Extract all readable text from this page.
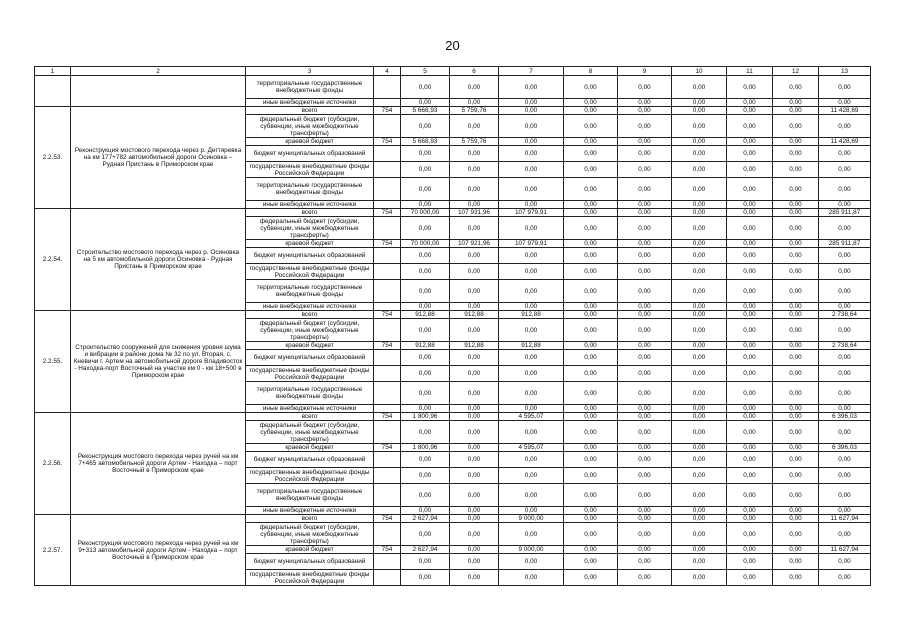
20
1	2	3	4	5	6	7	8	9	10	11	12	13
		территориальные государственные внебюджетные фонды		0,00	0,00	0,00	0,00	0,00	0,00	0,00	0,00	0,00
		иные внебюджетные источники		0,00	0,00	0,00	0,00	0,00	0,00	0,00	0,00	0,00
2.2.53.	Реконструкция мостового перехода через р. Дегтяревка на км 177+782 автомобильной дороги Осиновка – Рудная Пристань в Приморском крае	всего	754	5 668,93	5 759,76	0,00	0,00	0,00	0,00	0,00	0,00	11 428,69
		федеральный бюджет (субсидии, субвенции, иные межбюджетные трансферты)		0,00	0,00	0,00	0,00	0,00	0,00	0,00	0,00	0,00
		краевой бюджет	754	5 668,93	5 759,76	0,00	0,00	0,00	0,00	0,00	0,00	11 428,69
		бюджет муниципальных образований		0,00	0,00	0,00	0,00	0,00	0,00	0,00	0,00	0,00
		государственные внебюджетные фонды Российской Федерации		0,00	0,00	0,00	0,00	0,00	0,00	0,00	0,00	0,00
		территориальные государственные внебюджетные фонды		0,00	0,00	0,00	0,00	0,00	0,00	0,00	0,00	0,00
		иные внебюджетные источники		0,00	0,00	0,00	0,00	0,00	0,00	0,00	0,00	0,00
2.2.54.	Строительство мостового перехода через р. Осиновка на 5 км автомобильной дороги Осиновка - Рудная Пристань в Приморском крае	всего	754	70 000,00	107 931,96	107 979,91	0,00	0,00	0,00	0,00	0,00	285 911,87
		федеральный бюджет (субсидии, субвенции, иные межбюджетные трансферты)		0,00	0,00	0,00	0,00	0,00	0,00	0,00	0,00	0,00
		краевой бюджет	754	70 000,00	107 921,96	107 979,91	0,00	0,00	0,00	0,00	0,00	285 911,87
		бюджет муниципальных образований		0,00	0,00	0,00	0,00	0,00	0,00	0,00	0,00	0,00
		государственные внебюджетные фонды Российской Федерации		0,00	0,00	0,00	0,00	0,00	0,00	0,00	0,00	0,00
		территориальные государственные внебюджетные фонды		0,00	0,00	0,00	0,00	0,00	0,00	0,00	0,00	0,00
		иные внебюджетные источники		0,00	0,00	0,00	0,00	0,00	0,00	0,00	0,00	0,00
2.2.55.	Строительство сооружений для снижения уровня шума и вибрации в районе дома № 32 по ул. Вторая, с. Кневичи г. Артем на автомобильной дороге Владивосток - Находка-порт Восточный на участке км 0 - км 18+500 в Приморском крае	всего	754	912,88	912,88	912,88	0,00	0,00	0,00	0,00	0,00	2 738,64
		федеральный бюджет (субсидии, субвенции, иные межбюджетные трансферты)		0,00	0,00	0,00	0,00	0,00	0,00	0,00	0,00	0,00
		краевой бюджет	754	912,88	912,88	912,88	0,00	0,00	0,00	0,00	0,00	2 738,64
		бюджет муниципальных образований		0,00	0,00	0,00	0,00	0,00	0,00	0,00	0,00	0,00
		государственные внебюджетные фонды Российской Федерации		0,00	0,00	0,00	0,00	0,00	0,00	0,00	0,00	0,00
		территориальные государственные внебюджетные фонды		0,00	0,00	0,00	0,00	0,00	0,00	0,00	0,00	0,00
		иные внебюджетные источники		0,00	0,00	0,00	0,00	0,00	0,00	0,00	0,00	0,00
2.2.56.	Реконструкция мостового перехода через ручей на км 7+465 автомобильной дороги Артем - Находка – порт Восточный в Приморском крае	всего	754	1 800,96	0,00	4 595,07	0,00	0,00	0,00	0,00	0,00	6 396,03
		федеральный бюджет (субсидии, субвенции, иные межбюджетные трансферты)		0,00	0,00	0,00	0,00	0,00	0,00	0,00	0,00	0,00
		краевой бюджет	754	1 800,96	0,00	4 595,07	0,00	0,00	0,00	0,00	0,00	6 396,03
		бюджет муниципальных образований		0,00	0,00	0,00	0,00	0,00	0,00	0,00	0,00	0,00
		государственные внебюджетные фонды Российской Федерации		0,00	0,00	0,00	0,00	0,00	0,00	0,00	0,00	0,00
		территориальные государственные внебюджетные фонды		0,00	0,00	0,00	0,00	0,00	0,00	0,00	0,00	0,00
		иные внебюджетные источники		0,00	0,00	0,00	0,00	0,00	0,00	0,00	0,00	0,00
2.2.57.	Реконструкция мостового перехода через ручей на км 9+313 автомобильной дороги Артем - Находка – порт Восточный в Приморском крае	всего	754	2 627,94	0,00	9 000,00	0,00	0,00	0,00	0,00	0,00	11 627,94
		федеральный бюджет (субсидии, субвенции, иные межбюджетные трансферты)		0,00	0,00	0,00	0,00	0,00	0,00	0,00	0,00	0,00
		краевой бюджет	754	2 627,94	0,00	9 000,00	0,00	0,00	0,00	0,00	0,00	11 627,94
		бюджет муниципальных образований		0,00	0,00	0,00	0,00	0,00	0,00	0,00	0,00	0,00
		государственные внебюджетные фонды Российской Федерации		0,00	0,00	0,00	0,00	0,00	0,00	0,00	0,00	0,00
